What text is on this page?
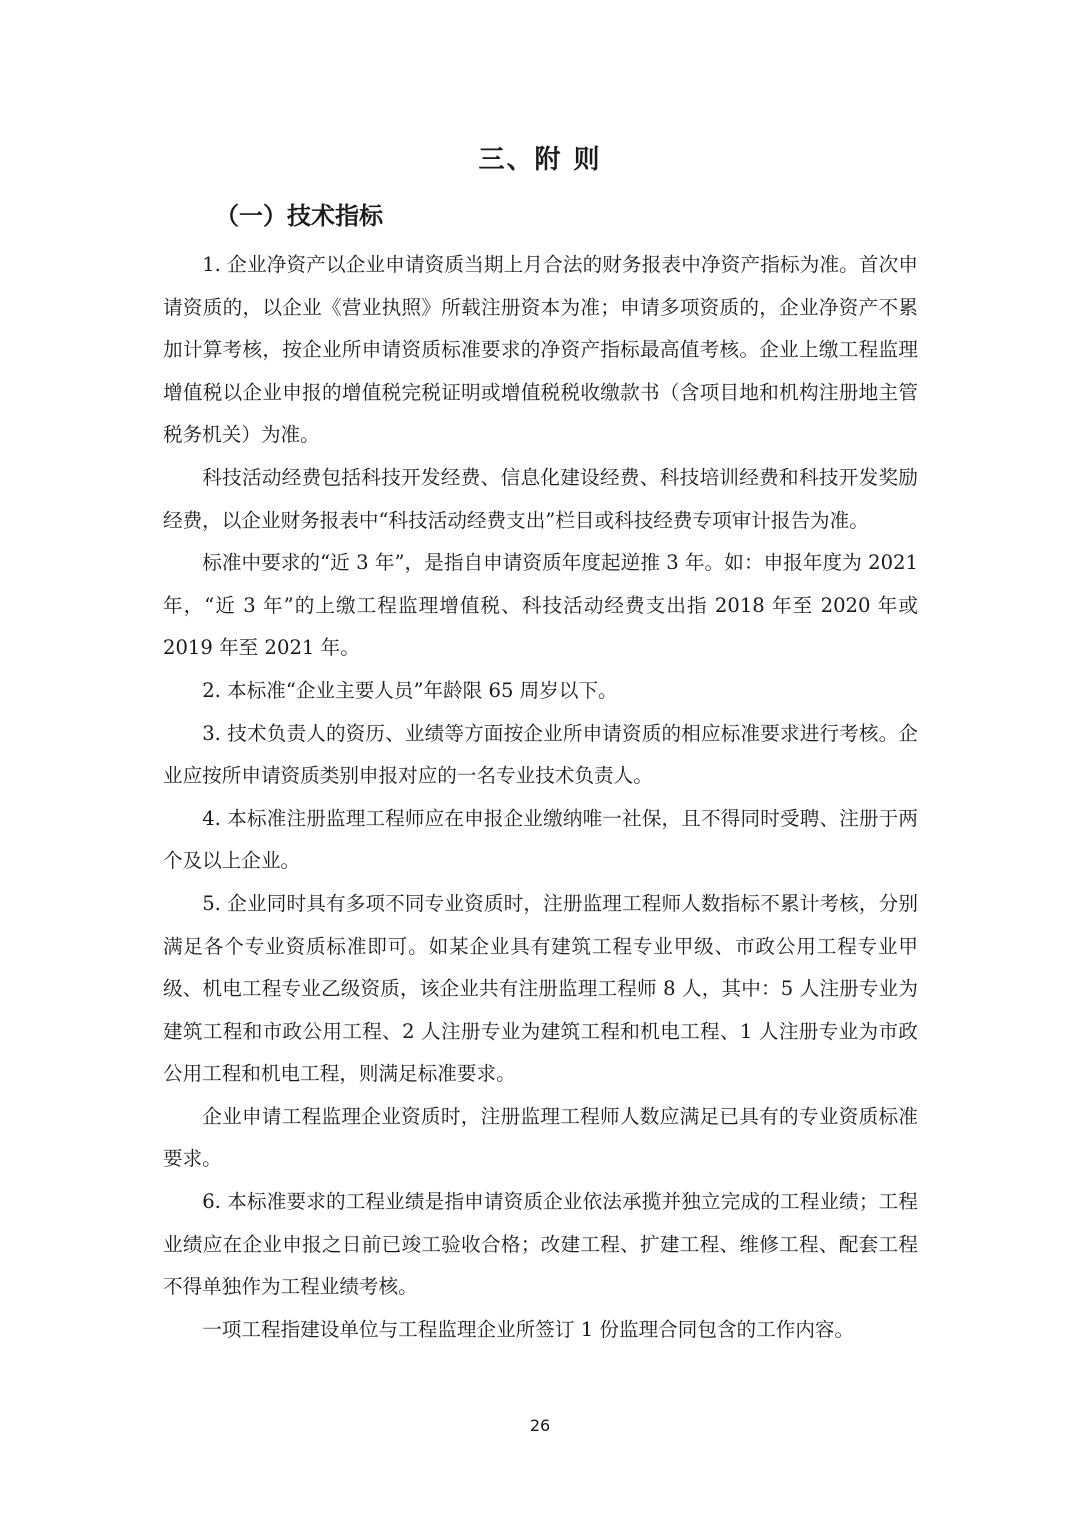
三、附 则
（一）技术指标

1. 企业净资产以企业申请资质当期上月合法的财务报表中净资产指标为准。首次申请资质的，以企业《营业执照》所载注册资本为准；申请多项资质的，企业净资产不累加计算考核，按企业所申请资质标准要求的净资产指标最高值考核。企业上缴工程监理增值税以企业申报的增值税完税证明或增值税税收缴款书（含项目地和机构注册地主管税务机关）为准。

科技活动经费包括科技开发经费、信息化建设经费、科技培训经费和科技开发奖励经费，以企业财务报表中“科技活动经费支出”栏目或科技经费专项审计报告为准。

标准中要求的“近 3 年”，是指自申请资质年度起逆推 3 年。如：申报年度为 2021 年，“近 3 年”的上缴工程监理增值税、科技活动经费支出指 2018 年至 2020 年或 2019 年至 2021 年。

2. 本标准“企业主要人员”年龄限 65 周岁以下。

3. 技术负责人的资历、业绩等方面按企业所申请资质的相应标准要求进行考核。企业应按所申请资质类别申报对应的一名专业技术负责人。

4. 本标准注册监理工程师应在申报企业缴纳唯一社保，且不得同时受聘、注册于两个及以上企业。

5. 企业同时具有多项不同专业资质时，注册监理工程师人数指标不累计考核，分别满足各个专业资质标准即可。如某企业具有建筑工程专业甲级、市政公用工程专业甲级、机电工程专业乙级资质，该企业共有注册监理工程师 8 人，其中：5 人注册专业为建筑工程和市政公用工程、2 人注册专业为建筑工程和机电工程、1 人注册专业为市政公用工程和机电工程，则满足标准要求。

企业申请工程监理企业资质时，注册监理工程师人数应满足已具有的专业资质标准要求。

6. 本标准要求的工程业绩是指申请资质企业依法承揽并独立完成的工程业绩；工程业绩应在企业申报之日前已竣工验收合格；改建工程、扩建工程、维修工程、配套工程不得单独作为工程业绩考核。

一项工程指建设单位与工程监理企业所签订 1 份监理合同包含的工作内容。

26
